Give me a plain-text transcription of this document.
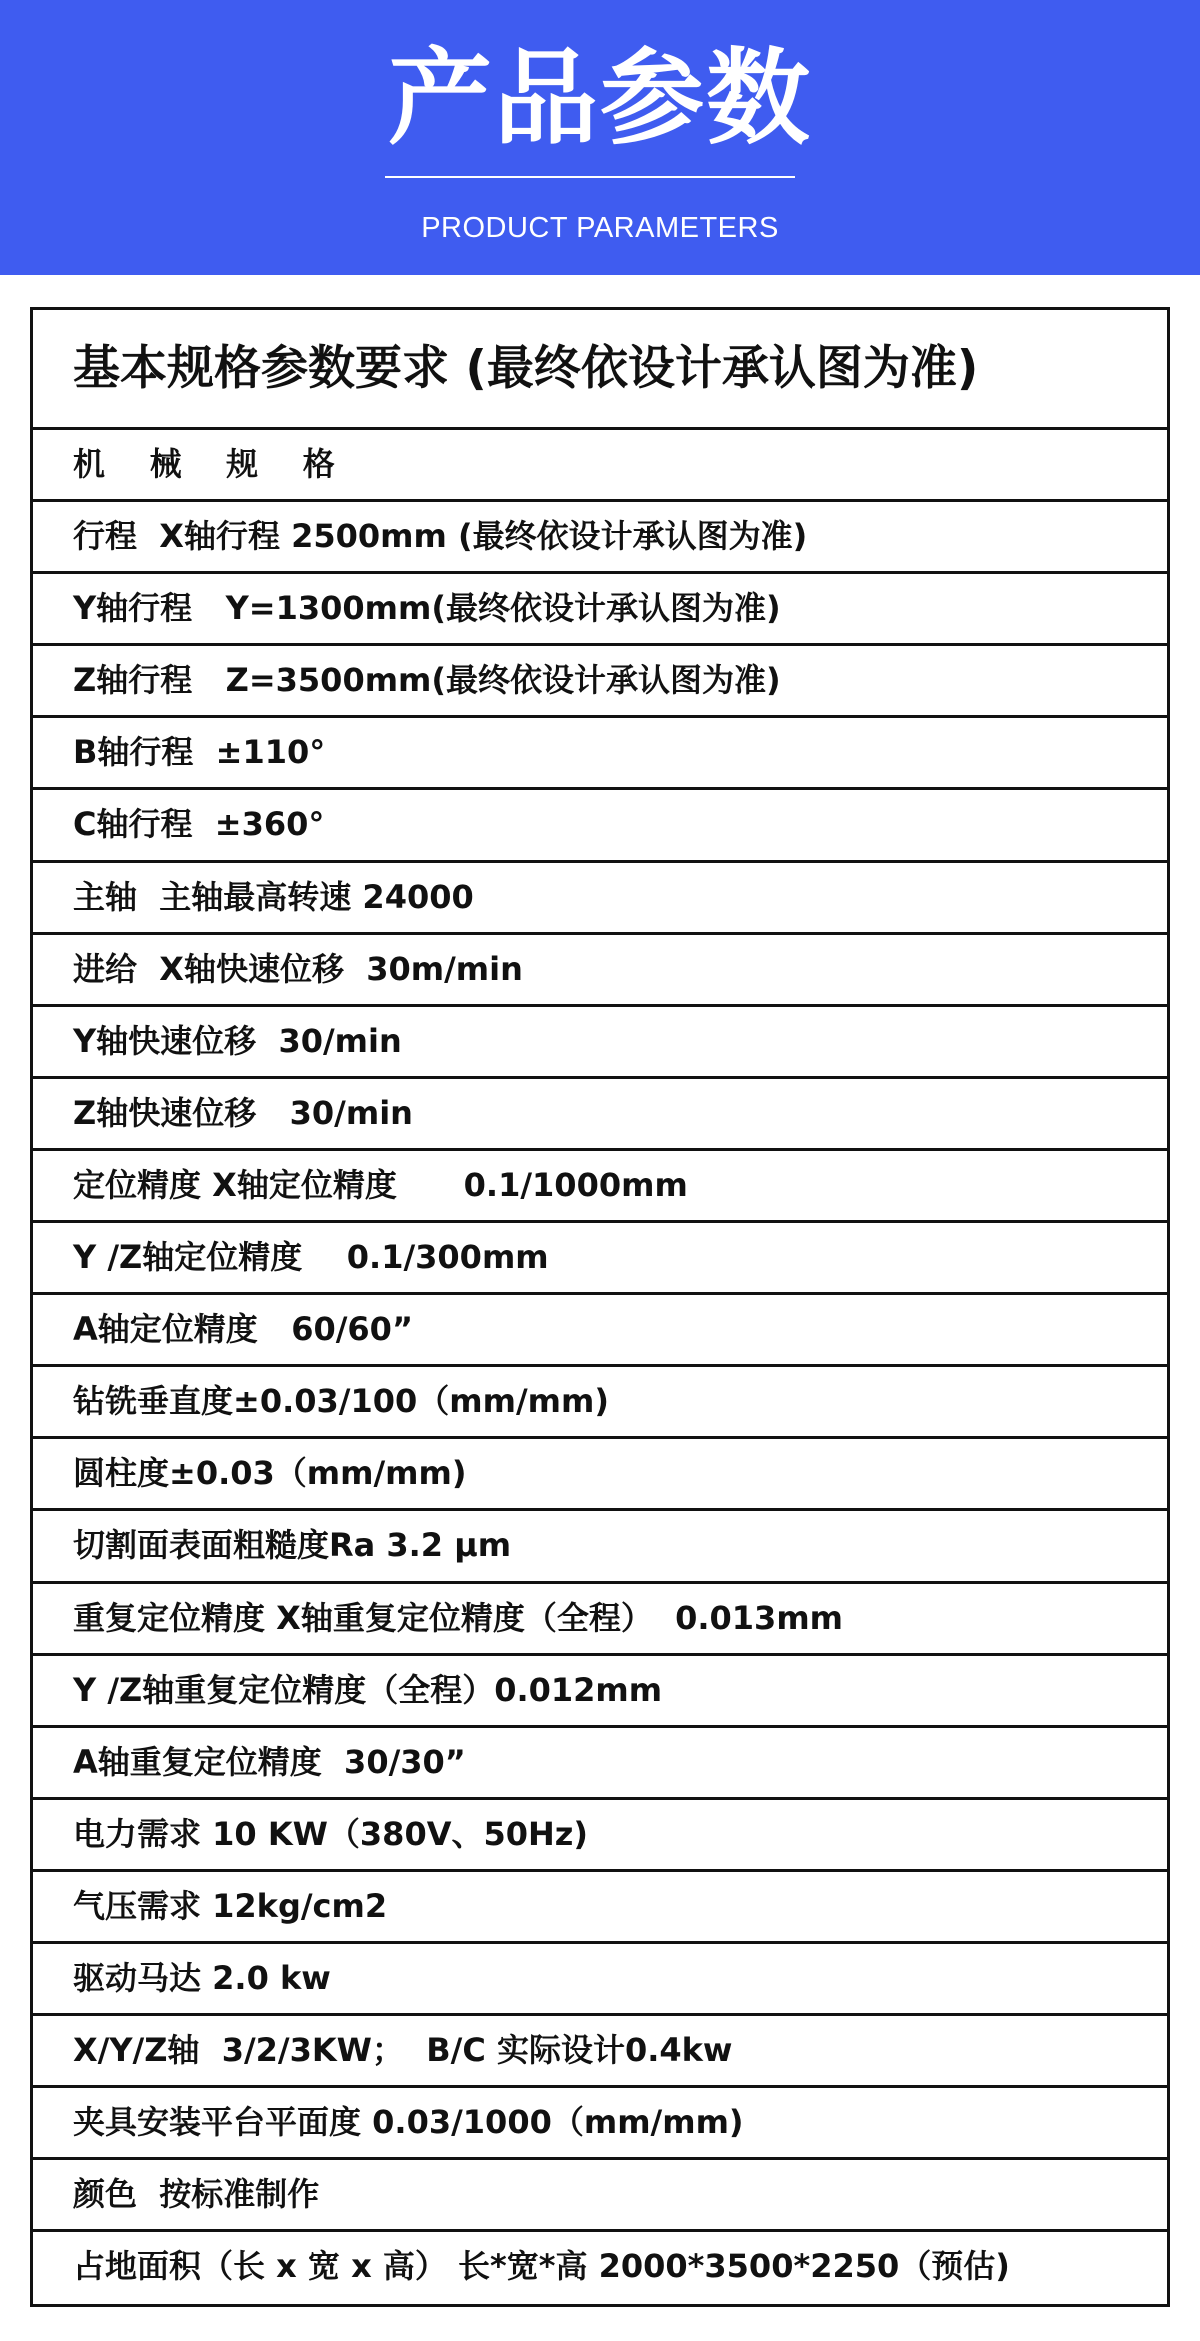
产品参数
PRODUCT PARAMETERS
基本规格参数要求 (最终依设计承认图为准)
机    械    规    格
行程  X轴行程 2500mm (最终依设计承认图为准)
Y轴行程   Y=1300mm(最终依设计承认图为准)
Z轴行程   Z=3500mm(最终依设计承认图为准)
B轴行程  ±110°
C轴行程  ±360°
主轴  主轴最高转速 24000
进给  X轴快速位移  30m/min
Y轴快速位移  30/min
Z轴快速位移   30/min
定位精度 X轴定位精度      0.1/1000mm
Y /Z轴定位精度    0.1/300mm
A轴定位精度   60/60”
钻铣垂直度±0.03/100（mm/mm)
圆柱度±0.03（mm/mm)
切割面表面粗糙度Ra 3.2 μm
重复定位精度 X轴重复定位精度（全程）  0.013mm
Y /Z轴重复定位精度（全程）0.012mm
A轴重复定位精度  30/30”
电力需求 10 KW（380V、50Hz)
气压需求 12kg/cm2
驱动马达 2.0 kw
X/Y/Z轴  3/2/3KW；  B/C 实际设计0.4kw
夹具安装平台平面度 0.03/1000（mm/mm)
颜色  按标准制作
占地面积（长 x 宽 x 高） 长*宽*高 2000*3500*2250（预估)
